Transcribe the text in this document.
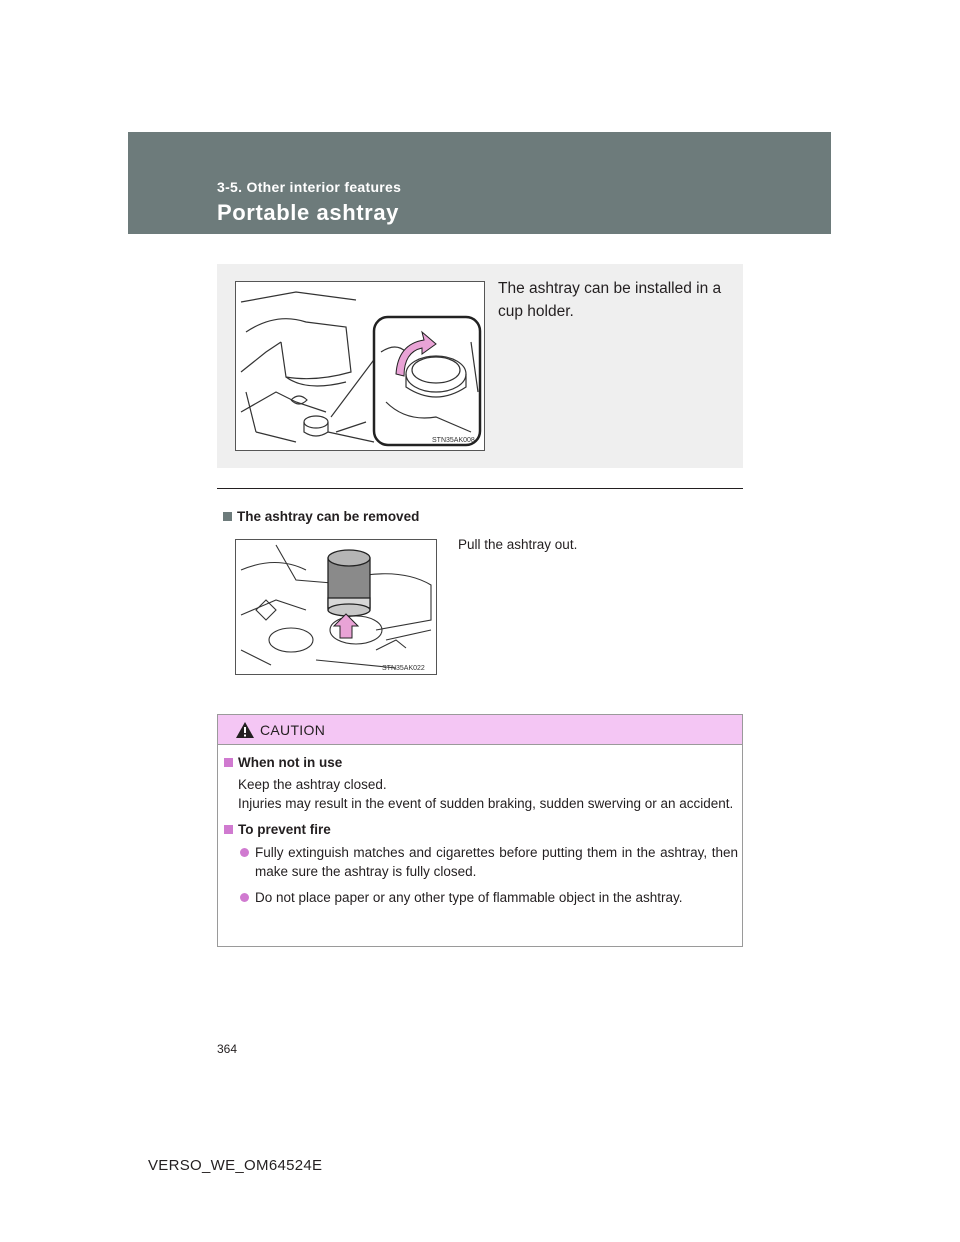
3-5. Other interior features
Portable ashtray
STN35AK008
The ashtray can be installed in a cup holder.
The ashtray can be removed
STN35AK022
Pull the ashtray out.
CAUTION
When not in use
Keep the ashtray closed.
Injuries may result in the event of sudden braking, sudden swerving or an accident.
To prevent fire
Fully extinguish matches and cigarettes before putting them in the ashtray, then make sure the ashtray is fully closed.
Do not place paper or any other type of flammable object in the ashtray.
364
VERSO_WE_OM64524E
